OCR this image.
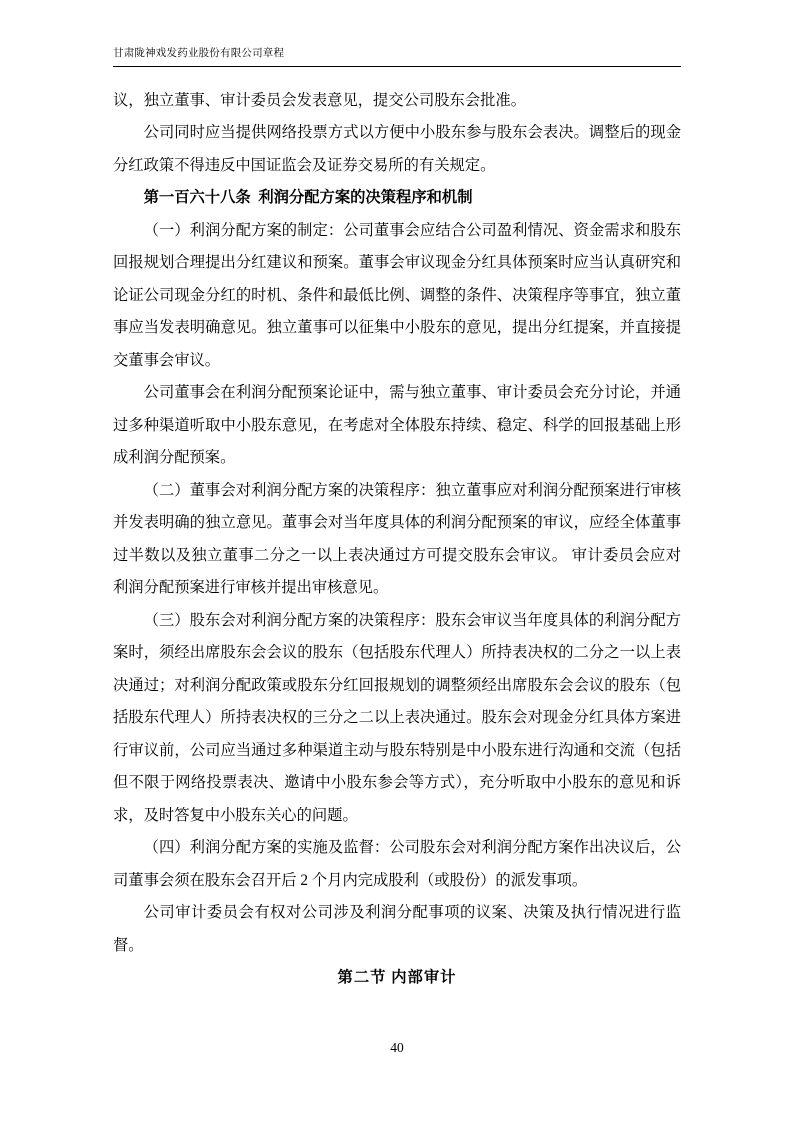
甘肃陇神戏发药业股份有限公司章程

议，独立董事、审计委员会发表意见，提交公司股东会批准。

公司同时应当提供网络投票方式以方便中小股东参与股东会表决。调整后的现金分红政策不得违反中国证监会及证券交易所的有关规定。

第一百六十八条 利润分配方案的决策程序和机制

（一）利润分配方案的制定：公司董事会应结合公司盈利情况、资金需求和股东回报规划合理提出分红建议和预案。董事会审议现金分红具体预案时应当认真研究和论证公司现金分红的时机、条件和最低比例、调整的条件、决策程序等事宜，独立董事应当发表明确意见。独立董事可以征集中小股东的意见，提出分红提案，并直接提交董事会审议。

公司董事会在利润分配预案论证中，需与独立董事、审计委员会充分讨论，并通过多种渠道听取中小股东意见，在考虑对全体股东持续、稳定、科学的回报基础上形成利润分配预案。

（二）董事会对利润分配方案的决策程序：独立董事应对利润分配预案进行审核并发表明确的独立意见。董事会对当年度具体的利润分配预案的审议，应经全体董事过半数以及独立董事二分之一以上表决通过方可提交股东会审议。 审计委员会应对利润分配预案进行审核并提出审核意见。

（三）股东会对利润分配方案的决策程序：股东会审议当年度具体的利润分配方案时，须经出席股东会会议的股东（包括股东代理人）所持表决权的二分之一以上表决通过；对利润分配政策或股东分红回报规划的调整须经出席股东会会议的股东（包括股东代理人）所持表决权的三分之二以上表决通过。股东会对现金分红具体方案进行审议前，公司应当通过多种渠道主动与股东特别是中小股东进行沟通和交流（包括但不限于网络投票表决、邀请中小股东参会等方式），充分听取中小股东的意见和诉求，及时答复中小股东关心的问题。

（四）利润分配方案的实施及监督：公司股东会对利润分配方案作出决议后，公司董事会须在股东会召开后 2 个月内完成股利（或股份）的派发事项。

公司审计委员会有权对公司涉及利润分配事项的议案、决策及执行情况进行监督。

第二节 内部审计

40
